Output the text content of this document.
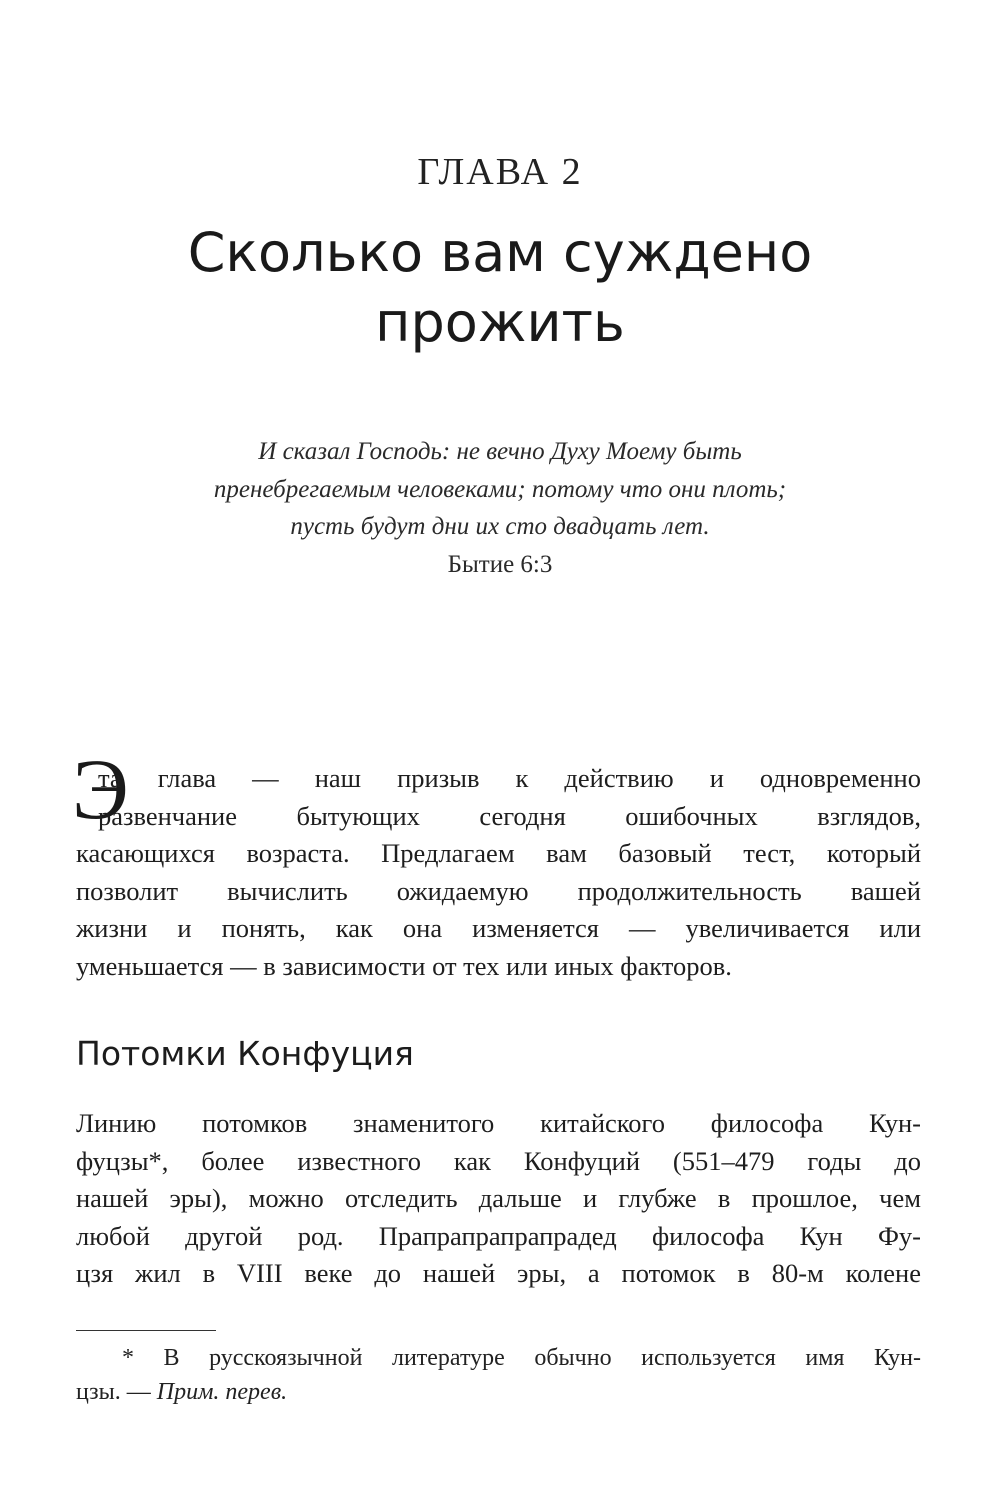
ГЛАВА 2
Сколько вам суждено
прожить
И сказал Господь: не вечно Духу Моему быть
пренебрегаемым человеками; потому что они плоть;
пусть будут дни их сто двадцать лет.
Бытие 6:3
Э
та глава — наш призыв к действию и одновременно
развенчание бытующих сегодня ошибочных взглядов,
касающихся возраста. Предлагаем вам базовый тест, который
позволит вычислить ожидаемую продолжительность вашей
жизни и понять, как она изменяется — увеличивается или
уменьшается — в зависимости от тех или иных факторов.
Потомки Конфуция
Линию потомков знаменитого китайского философа Кун-
фуцзы*, более известного как Конфуций (551–479 годы до
нашей эры), можно отследить дальше и глубже в прошлое, чем
любой другой род. Прапрапрапрапрадед философа Кун Фу-
цзя жил в VIII веке до нашей эры, а потомок в 80-м колене
* В русскоязычной литературе обычно используется имя Кун-
цзы. — Прим. перев.
